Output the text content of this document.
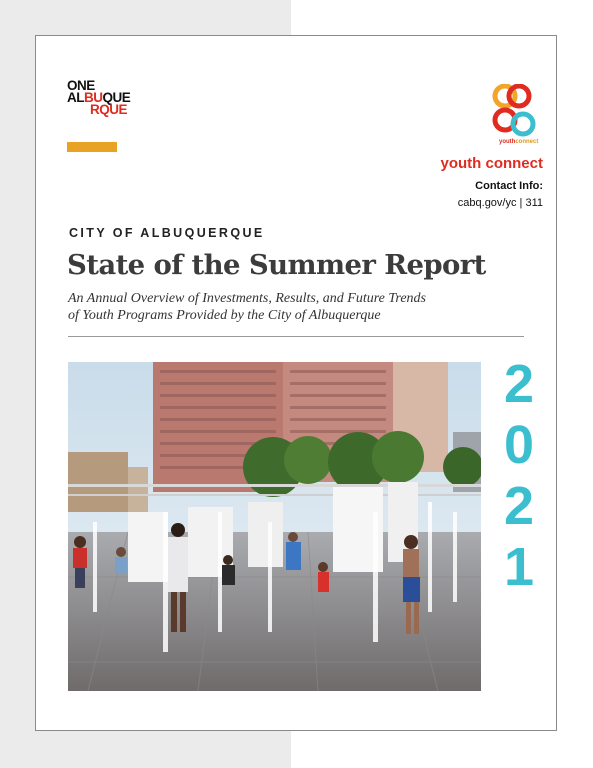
ONE
ALBUQUE
RQUE
youthconnect
youth connect
Contact Info:
cabq.gov/yc | 311
CITY OF ALBUQUERQUE
State of the Summer Report
An Annual Overview of Investments, Results, and Future Trends
of Youth Programs Provided by the City of Albuquerque
2
0
2
1
